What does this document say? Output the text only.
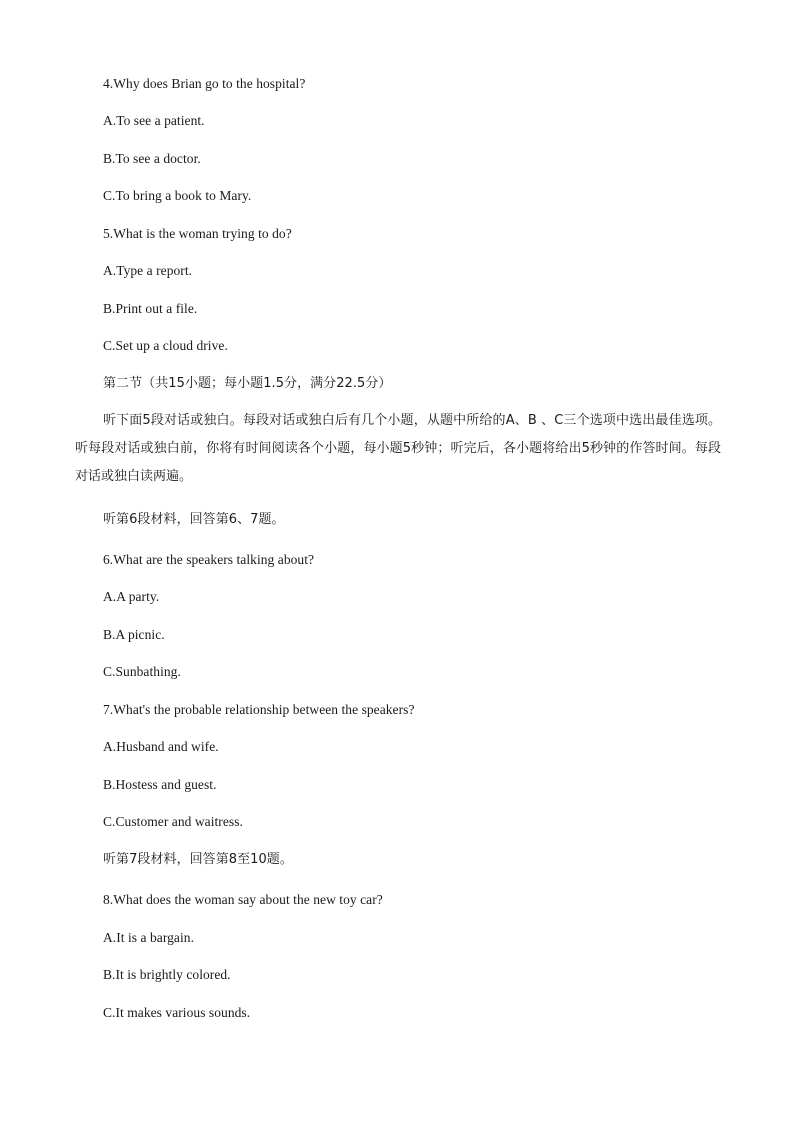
4.Why does Brian go to the hospital?
A.To see a patient.
B.To see a doctor.
C.To bring a book to Mary.
5.What is the woman trying to do?
A.Type a report.
B.Print out a file.
C.Set up a cloud drive.
第二节（共15小题；每小题1.5分，满分22.5分）
听下面5段对话或独白。每段对话或独白后有几个小题，从题中所给的A、B 、C三个选项中选出最佳选项。听每段对话或独白前，你将有时间阅读各个小题，每小题5秒钟；听完后，各小题将给出5秒钟的作答时间。每段对话或独白读两遍。
听第6段材料，回答第6、7题。
6.What are the speakers talking about?
A.A party.
B.A picnic.
C.Sunbathing.
7.What's the probable relationship between the speakers?
A.Husband and wife.
B.Hostess and guest.
C.Customer and waitress.
听第7段材料，回答第8至10题。
8.What does the woman say about the new toy car?
A.It is a bargain.
B.It is brightly colored.
C.It makes various sounds.
